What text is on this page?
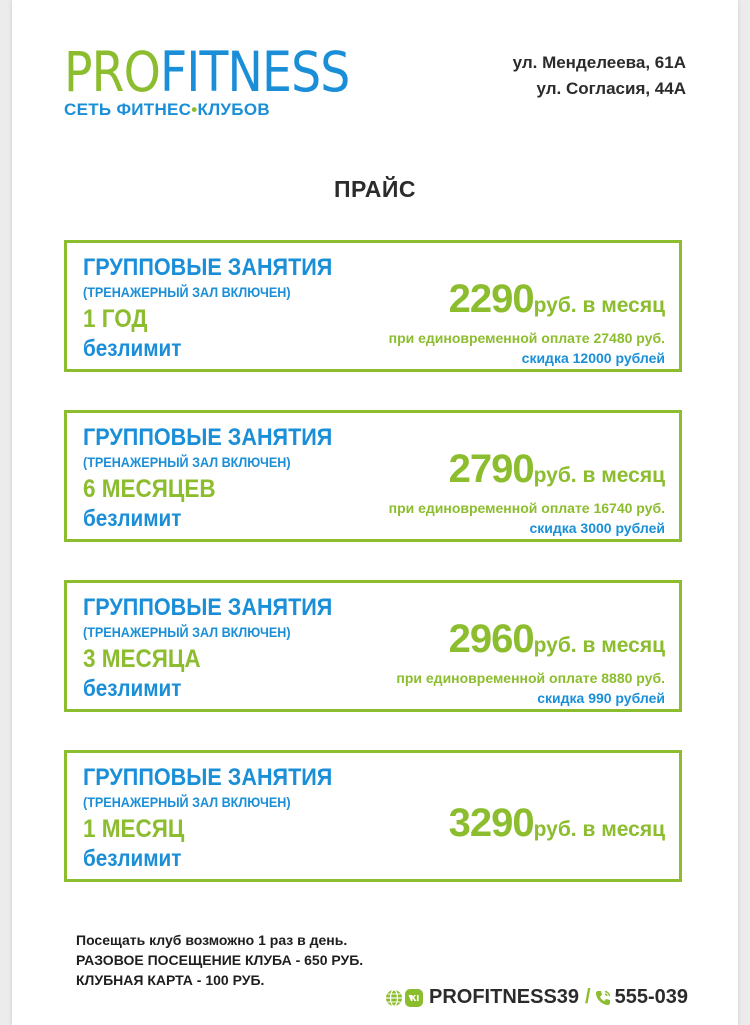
PROFITNESS
СЕТЬ ФИТНЕС•КЛУБОВ
ул. Менделеева, 61А
ул. Согласия, 44А
ПРАЙС
ГРУППОВЫЕ ЗАНЯТИЯ
(ТРЕНАЖЕРНЫЙ ЗАЛ ВКЛЮЧЕН)
1 ГОД
безлимит
2290руб. в месяц
при единовременной оплате 27480 руб.
скидка 12000 рублей
ГРУППОВЫЕ ЗАНЯТИЯ
(ТРЕНАЖЕРНЫЙ ЗАЛ ВКЛЮЧЕН)
6 МЕСЯЦЕВ
безлимит
2790руб. в месяц
при единовременной оплате 16740 руб.
скидка 3000 рублей
ГРУППОВЫЕ ЗАНЯТИЯ
(ТРЕНАЖЕРНЫЙ ЗАЛ ВКЛЮЧЕН)
3 МЕСЯЦА
безлимит
2960руб. в месяц
при единовременной оплате 8880 руб.
скидка 990 рублей
ГРУППОВЫЕ ЗАНЯТИЯ
(ТРЕНАЖЕРНЫЙ ЗАЛ ВКЛЮЧЕН)
1 МЕСЯЦ
безлимит
3290руб. в месяц
Посещать клуб возможно 1 раз в день.
РАЗОВОЕ ПОСЕЩЕНИЕ КЛУБА - 650 РУБ.
КЛУБНАЯ КАРТА - 100 РУБ.
PROFITNESS39 / 555-039
